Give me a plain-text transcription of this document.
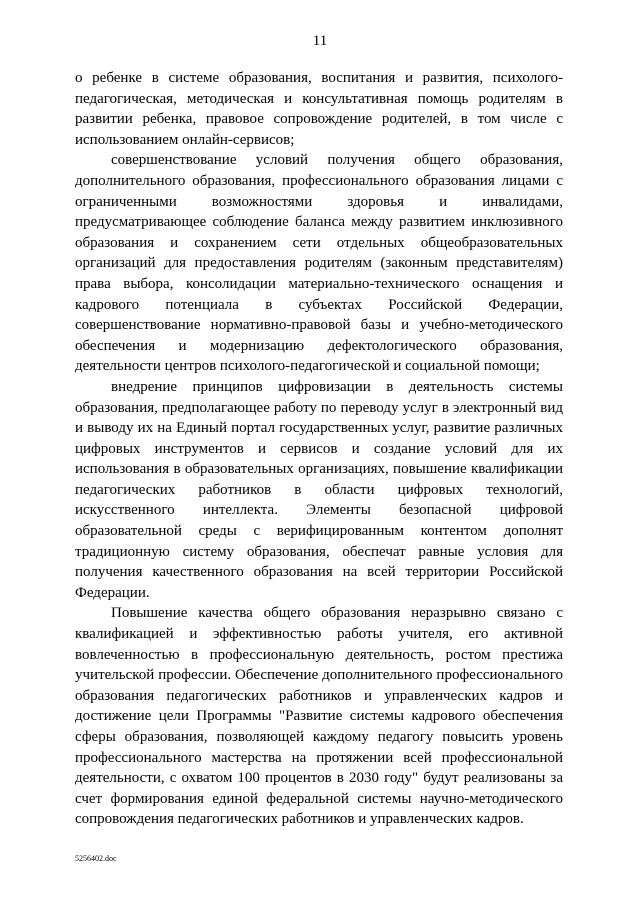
11

о ребенке в системе образования, воспитания и развития, психолого-педагогическая, методическая и консультативная помощь родителям в развитии ребенка, правовое сопровождение родителей, в том числе с использованием онлайн-сервисов;

совершенствование условий получения общего образования, дополнительного образования, профессионального образования лицами с ограниченными возможностями здоровья и инвалидами, предусматривающее соблюдение баланса между развитием инклюзивного образования и сохранением сети отдельных общеобразовательных организаций для предоставления родителям (законным представителям) права выбора, консолидации материально-технического оснащения и кадрового потенциала в субъектах Российской Федерации, совершенствование нормативно-правовой базы и учебно-методического обеспечения и модернизацию дефектологического образования, деятельности центров психолого-педагогической и социальной помощи;

внедрение принципов цифровизации в деятельность системы образования, предполагающее работу по переводу услуг в электронный вид и выводу их на Единый портал государственных услуг, развитие различных цифровых инструментов и сервисов и создание условий для их использования в образовательных организациях, повышение квалификации педагогических работников в области цифровых технологий, искусственного интеллекта. Элементы безопасной цифровой образовательной среды с верифицированным контентом дополнят традиционную систему образования, обеспечат равные условия для получения качественного образования на всей территории Российской Федерации.

Повышение качества общего образования неразрывно связано с квалификацией и эффективностью работы учителя, его активной вовлеченностью в профессиональную деятельность, ростом престижа учительской профессии. Обеспечение дополнительного профессионального образования педагогических работников и управленческих кадров и достижение цели Программы "Развитие системы кадрового обеспечения сферы образования, позволяющей каждому педагогу повысить уровень профессионального мастерства на протяжении всей профессиональной деятельности, с охватом 100 процентов в 2030 году" будут реализованы за счет формирования единой федеральной системы научно-методического сопровождения педагогических работников и управленческих кадров.

5256402.doc
